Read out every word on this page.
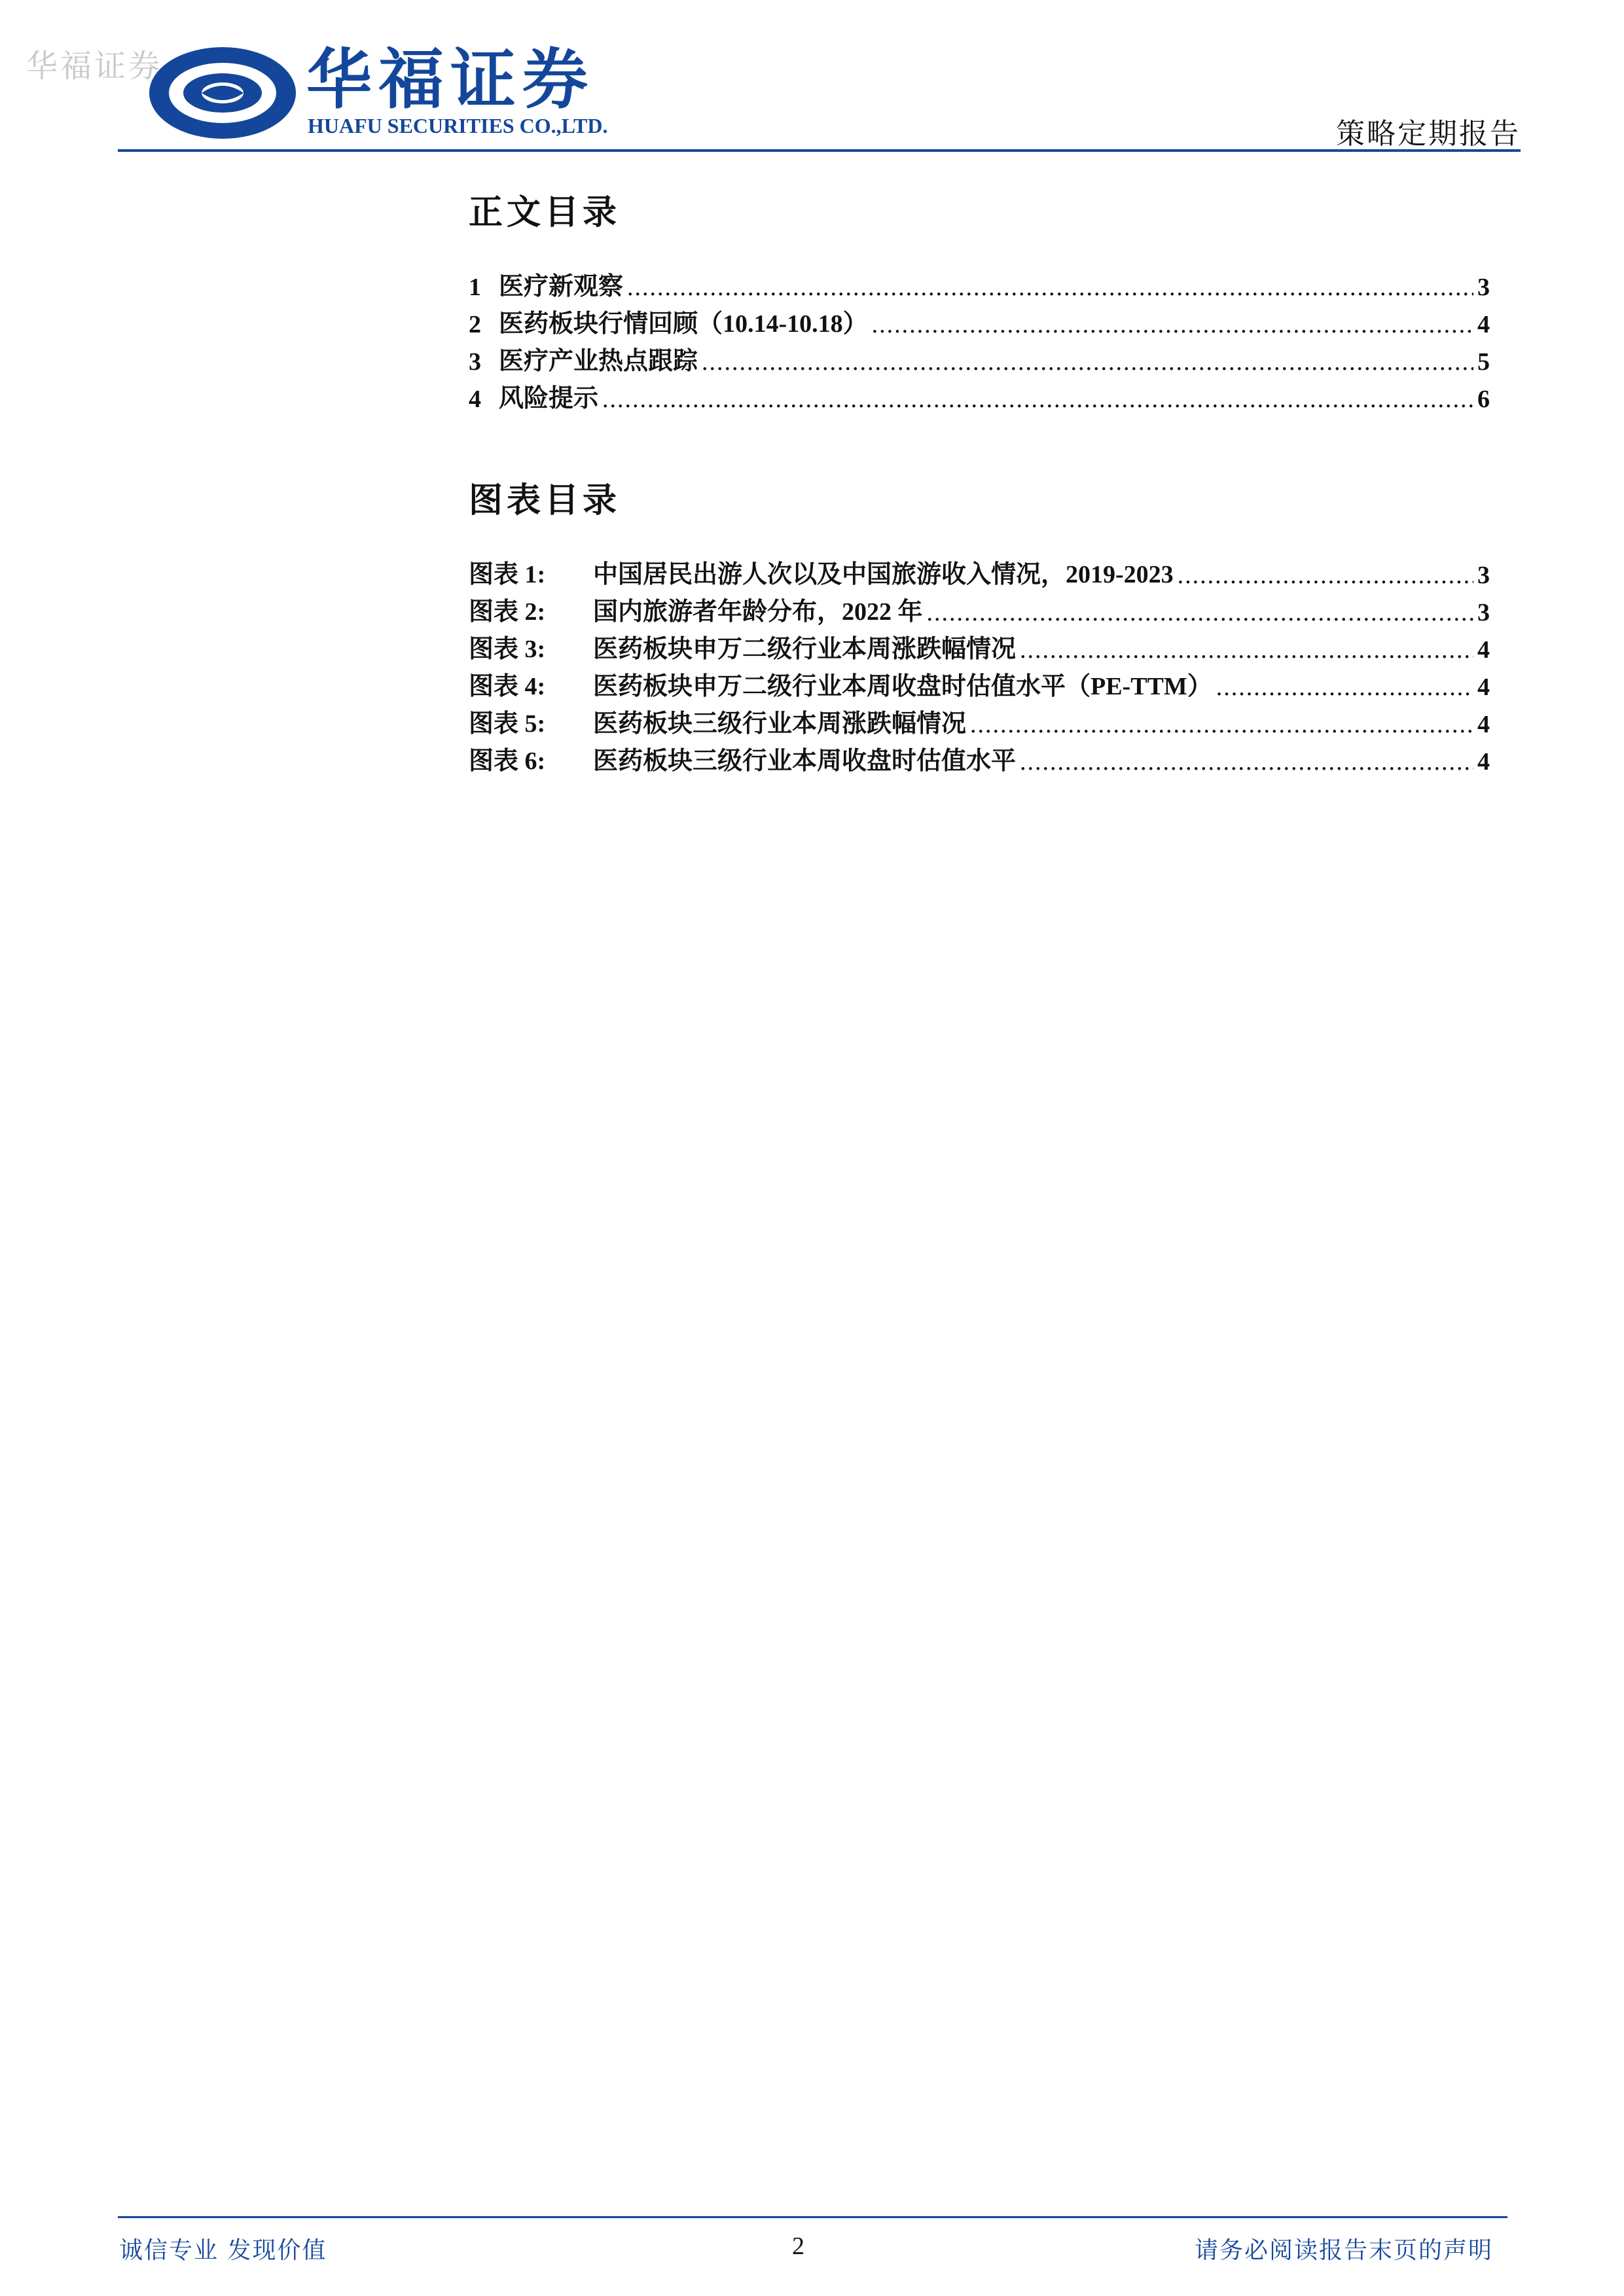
华福证券 华福证券
HUAFU SECURITIES CO.,LTD.	策略定期报告
正文目录
1 医疗新观察 .....	3
2 医药板块行情回顾（10.14-10.18） .....	4
3 医疗产业热点跟踪 .....	5
4 风险提示 .....	6
图表目录
图表 1:	中国居民出游人次以及中国旅游收入情况，2019-2023 .....	3
图表 2:	国内旅游者年龄分布，2022 年 .....	3
图表 3:	医药板块申万二级行业本周涨跌幅情况 .....	4
图表 4:	医药板块申万二级行业本周收盘时估值水平（PE-TTM） .....	4
图表 5:	医药板块三级行业本周涨跌幅情况 .....	4
图表 6:	医药板块三级行业本周收盘时估值水平 .....	4
诚信专业 发现价值	2	请务必阅读报告末页的声明
